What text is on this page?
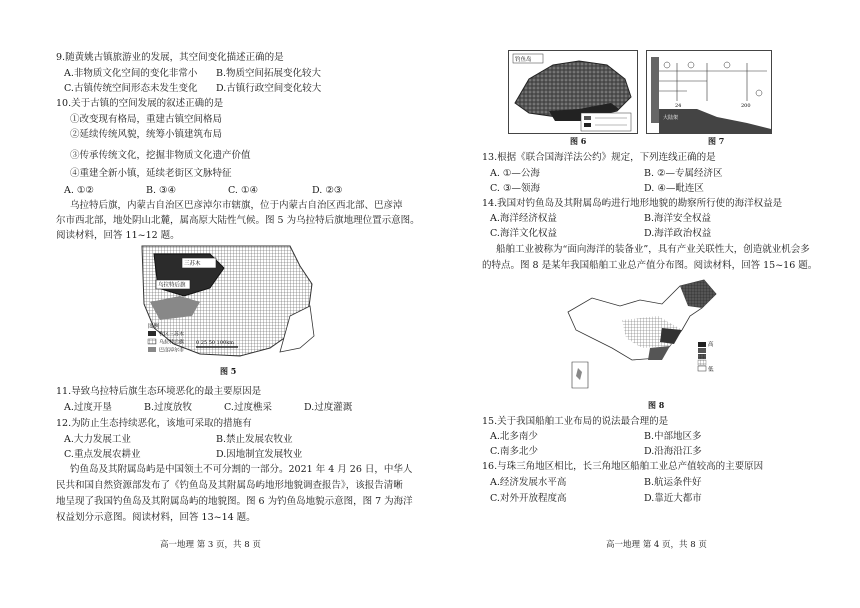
9.随黄姚古镇旅游业的发展，其空间变化描述正确的是
A.非物质文化空间的变化非常小 B.物质空间拓展变化较大
C.古镇传统空间形态未发生变化 D.古镇行政空间变化较大
10.关于古镇的空间发展的叙述正确的是
①改变现有格局，重建古镇空间格局
②延续传统风貌，统筹小镇建筑布局
③传承传统文化，挖掘非物质文化遗产价值
④重建全新小镇，延续老街区文脉特征
A. ①②	B. ③④	C. ①④	D. ②③
乌拉特后旗，内蒙古自治区巴彦淖尔市辖旗，位于内蒙古自治区西北部、巴彦淖
尔市西北部，地处阴山北麓，属高原大陆性气候。图 5 为乌拉特后旗地理位置示意图。
阅读材料，回答 11~12 题。
三苏木
乌拉特后旗
图例
牧区三苏木
乌拉特后旗
巴彦淖尔市
0 25 50 100km
图 5
11.导致乌拉特后旗生态环境恶化的最主要原因是
A.过度开垦	B.过度放牧	C.过度樵采	D.过度灌溉
12.为防止生态持续恶化，该地可采取的措施有
A.大力发展工业	B.禁止发展农牧业
C.重点发展农耕业	D.因地制宜发展牧业
钓鱼岛及其附属岛屿是中国领土不可分割的一部分。2021 年 4 月 26 日，中华人
民共和国自然资源部发布了《钓鱼岛及其附属岛屿地形地貌调查报告》，该报告清晰
地呈现了我国钓鱼岛及其附属岛屿的地貌图。图 6 为钓鱼岛地貌示意图，图 7 为海洋
权益划分示意图。阅读材料，回答 13~14 题。
高一地理 第 3 页，共 8 页
钓鱼岛
图 6
24	200
大陆架
图 7
13.根据《联合国海洋法公约》规定，下列连线正确的是
A. ①—公海	B. ②—专属经济区
C. ③—领海	D. ④—毗连区
14.我国对钓鱼岛及其附属岛屿进行地形地貌的勘察所行使的海洋权益是
A.海洋经济权益	B.海洋安全权益
C.海洋文化权益	D.海洋政治权益
船舶工业被称为“面向海洋的装备业”，具有产业关联性大，创造就业机会多
的特点。图 8 是某年我国船舶工业总产值分布图。阅读材料，回答 15~16 题。
高
低
图 8
15.关于我国船舶工业布局的说法最合理的是
A.北多南少	B.中部地区多
C.南多北少	D.沿海沿江多
16.与珠三角地区相比，长三角地区船舶工业总产值较高的主要原因
A.经济发展水平高	B.航运条件好
C.对外开放程度高	D.靠近大都市
高一地理 第 4 页，共 8 页
